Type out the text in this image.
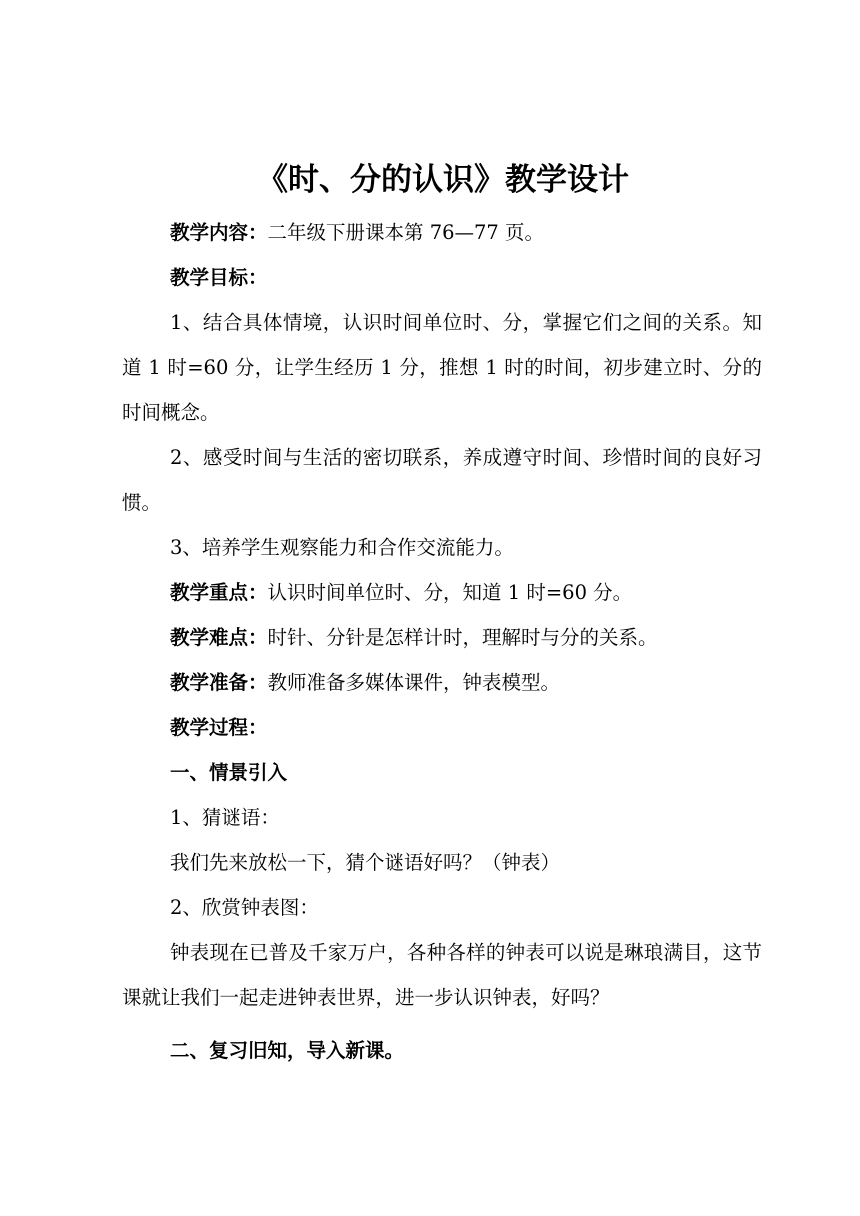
《时、分的认识》教学设计

教学内容：二年级下册课本第 76—77 页。

教学目标：

1、结合具体情境，认识时间单位时、分，掌握它们之间的关系。知道 1 时=60 分，让学生经历 1 分，推想 1 时的时间，初步建立时、分的时间概念。

2、感受时间与生活的密切联系，养成遵守时间、珍惜时间的良好习惯。

3、培养学生观察能力和合作交流能力。

教学重点：认识时间单位时、分，知道 1 时=60 分。

教学难点：时针、分针是怎样计时，理解时与分的关系。

教学准备：教师准备多媒体课件，钟表模型。

教学过程：

一、情景引入

1、猜谜语：

我们先来放松一下，猜个谜语好吗？（钟表）

2、欣赏钟表图：

钟表现在已普及千家万户，各种各样的钟表可以说是琳琅满目，这节课就让我们一起走进钟表世界，进一步认识钟表，好吗？

二、复习旧知，导入新课。
